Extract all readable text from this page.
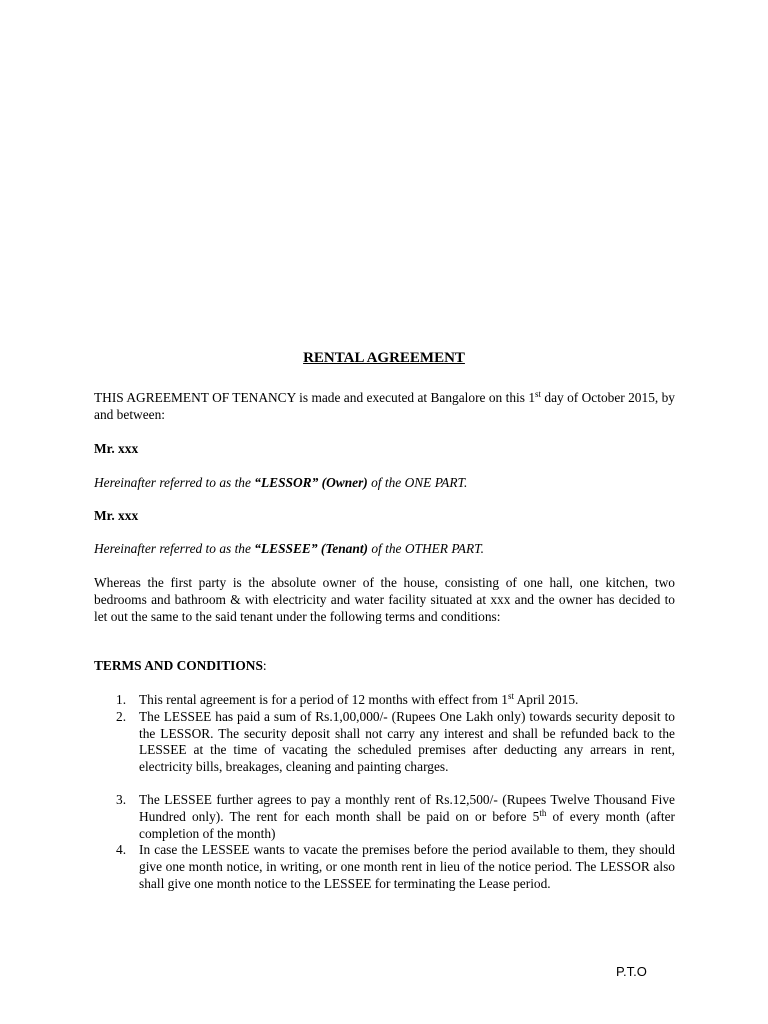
RENTAL AGREEMENT
THIS AGREEMENT OF TENANCY is made and executed at Bangalore on this 1st day of October 2015, by and between:
Mr. xxx
Hereinafter referred to as the “LESSOR” (Owner) of the ONE PART.
Mr. xxx
Hereinafter referred to as the “LESSEE” (Tenant) of the OTHER PART.
Whereas the first party is the absolute owner of the house, consisting of one hall, one kitchen, two bedrooms and bathroom & with electricity and water facility situated at xxx and the owner has decided to let out the same to the said tenant under the following terms and conditions:
TERMS AND CONDITIONS:
1. This rental agreement is for a period of 12 months with effect from 1st April 2015.
2. The LESSEE has paid a sum of Rs.1,00,000/- (Rupees One Lakh only) towards security deposit to the LESSOR. The security deposit shall not carry any interest and shall be refunded back to the LESSEE at the time of vacating the scheduled premises after deducting any arrears in rent, electricity bills, breakages, cleaning and painting charges.
3. The LESSEE further agrees to pay a monthly rent of Rs.12,500/- (Rupees Twelve Thousand Five Hundred only). The rent for each month shall be paid on or before 5th of every month (after completion of the month)
4. In case the LESSEE wants to vacate the premises before the period available to them, they should give one month notice, in writing, or one month rent in lieu of the notice period. The LESSOR also shall give one month notice to the LESSEE for terminating the Lease period.
P.T.O
